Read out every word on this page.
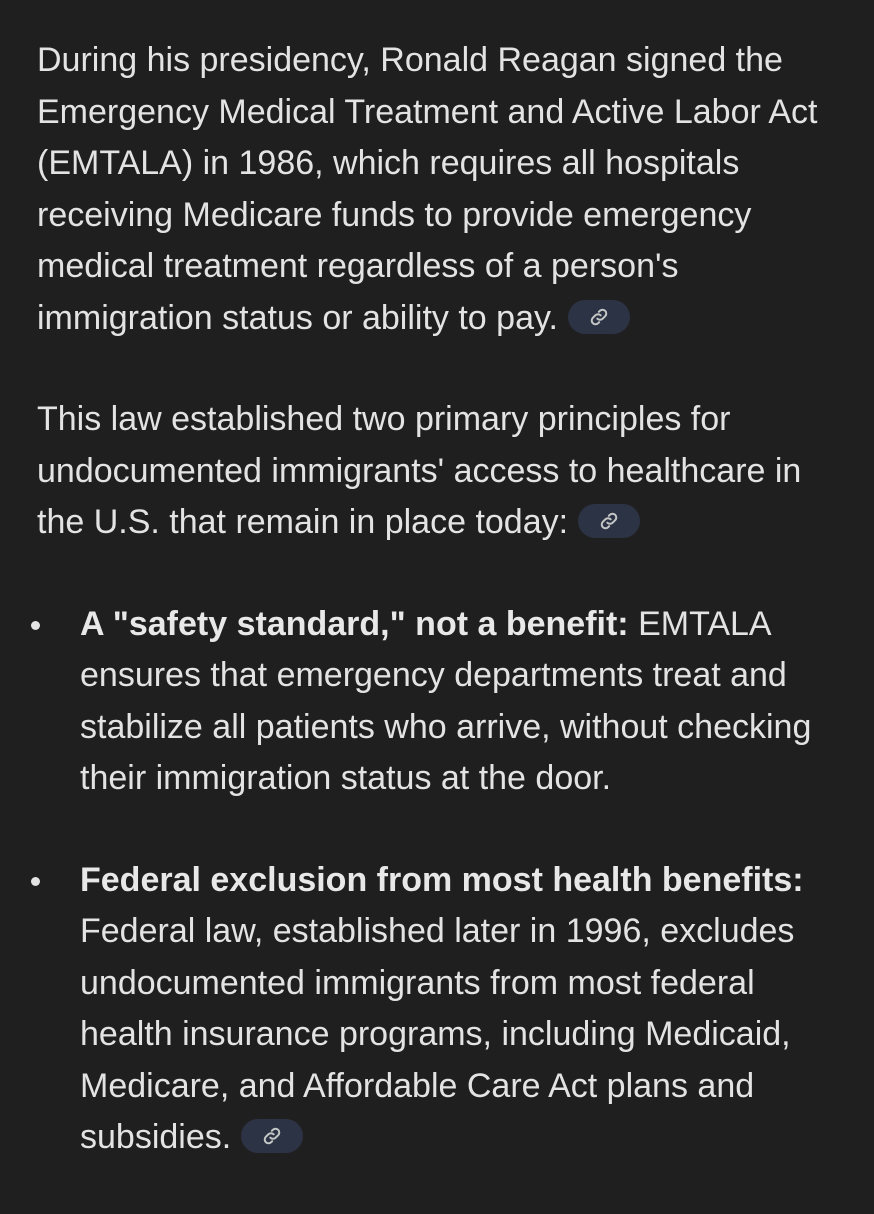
During his presidency, Ronald Reagan signed the Emergency Medical Treatment and Active Labor Act (EMTALA) in 1986, which requires all hospitals receiving Medicare funds to provide emergency medical treatment regardless of a person's immigration status or ability to pay.

This law established two primary principles for undocumented immigrants' access to healthcare in the U.S. that remain in place today:

A "safety standard," not a benefit: EMTALA ensures that emergency departments treat and stabilize all patients who arrive, without checking their immigration status at the door.
Federal exclusion from most health benefits: Federal law, established later in 1996, excludes undocumented immigrants from most federal health insurance programs, including Medicaid, Medicare, and Affordable Care Act plans and subsidies.
